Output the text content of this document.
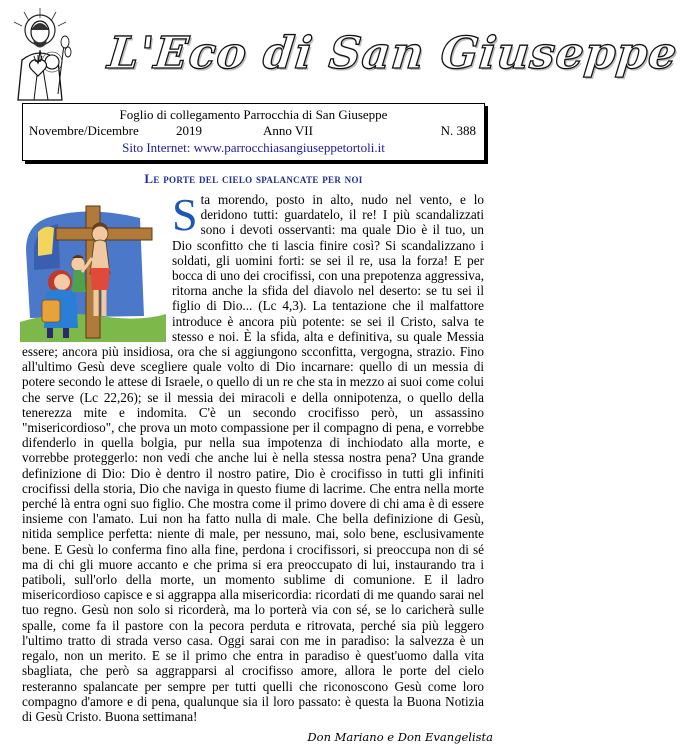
L'Eco di San Giuseppe
Foglio di collegamento Parrocchia di San Giuseppe
Novembre/Dicembre	2019	Anno VII	N. 388
Sito Internet: www.parrocchiasangiuseppetortoli.it
Le porte del cielo spalancate per noi
Sta morendo, posto in alto, nudo nel vento, e lo deridono tutti: guardatelo, il re! I più scandalizzati sono i devoti osservanti: ma quale Dio è il tuo, un Dio sconfitto che ti lascia finire così? Si scandalizzano i soldati, gli uomini forti: se sei il re, usa la forza! E per bocca di uno dei crocifissi, con una prepotenza aggressiva, ritorna anche la sfida del diavolo nel deserto: se tu sei il figlio di Dio... (Lc 4,3). La tentazione che il malfattore introduce è ancora più potente: se sei il Cristo, salva te stesso e noi. È la sfida, alta e definitiva, su quale Messia essere; ancora più insidiosa, ora che si aggiungono scconfitta, vergogna, strazio. Fino all'ultimo Gesù deve scegliere quale volto di Dio incarnare: quello di un messia di potere secondo le attese di Israele, o quello di un re che sta in mezzo ai suoi come colui che serve (Lc 22,26); se il messia dei miracoli e della onnipotenza, o quello della tenerezza mite e indomita. C'è un secondo crocifisso però, un assassino "misericordioso", che prova un moto compassione per il compagno di pena, e vorrebbe difenderlo in quella bolgia, pur nella sua impotenza di inchiodato alla morte, e vorrebbe proteggerlo: non vedi che anche lui è nella stessa nostra pena? Una grande definizione di Dio: Dio è dentro il nostro patire, Dio è crocifisso in tutti gli infiniti crocifissi della storia, Dio che naviga in questo fiume di lacrime. Che entra nella morte perché là entra ogni suo figlio. Che mostra come il primo dovere di chi ama è di essere insieme con l'amato. Lui non ha fatto nulla di male. Che bella definizione di Gesù, nitida semplice perfetta: niente di male, per nessuno, mai, solo bene, esclusivamente bene. E Gesù lo conferma fino alla fine, perdona i crocifissori, si preoccupa non di sé ma di chi gli muore accanto e che prima si era preoccupato di lui, instaurando tra i patiboli, sull'orlo della morte, un momento sublime di comunione. E il ladro misericordioso capisce e si aggrappa alla misericordia: ricordati di me quando sarai nel tuo regno. Gesù non solo si ricorderà, ma lo porterà via con sé, se lo caricherà sulle spalle, come fa il pastore con la pecora perduta e ritrovata, perché sia più leggero l'ultimo tratto di strada verso casa. Oggi sarai con me in paradiso: la salvezza è un regalo, non un merito. E se il primo che entra in paradiso è quest'uomo dalla vita sbagliata, che però sa aggrapparsi al crocifisso amore, allora le porte del cielo resteranno spalancate per sempre per tutti quelli che riconoscono Gesù come loro compagno d'amore e di pena, qualunque sia il loro passato: è questa la Buona Notizia di Gesù Cristo. Buona settimana!
Don Mariano e Don Evangelista
